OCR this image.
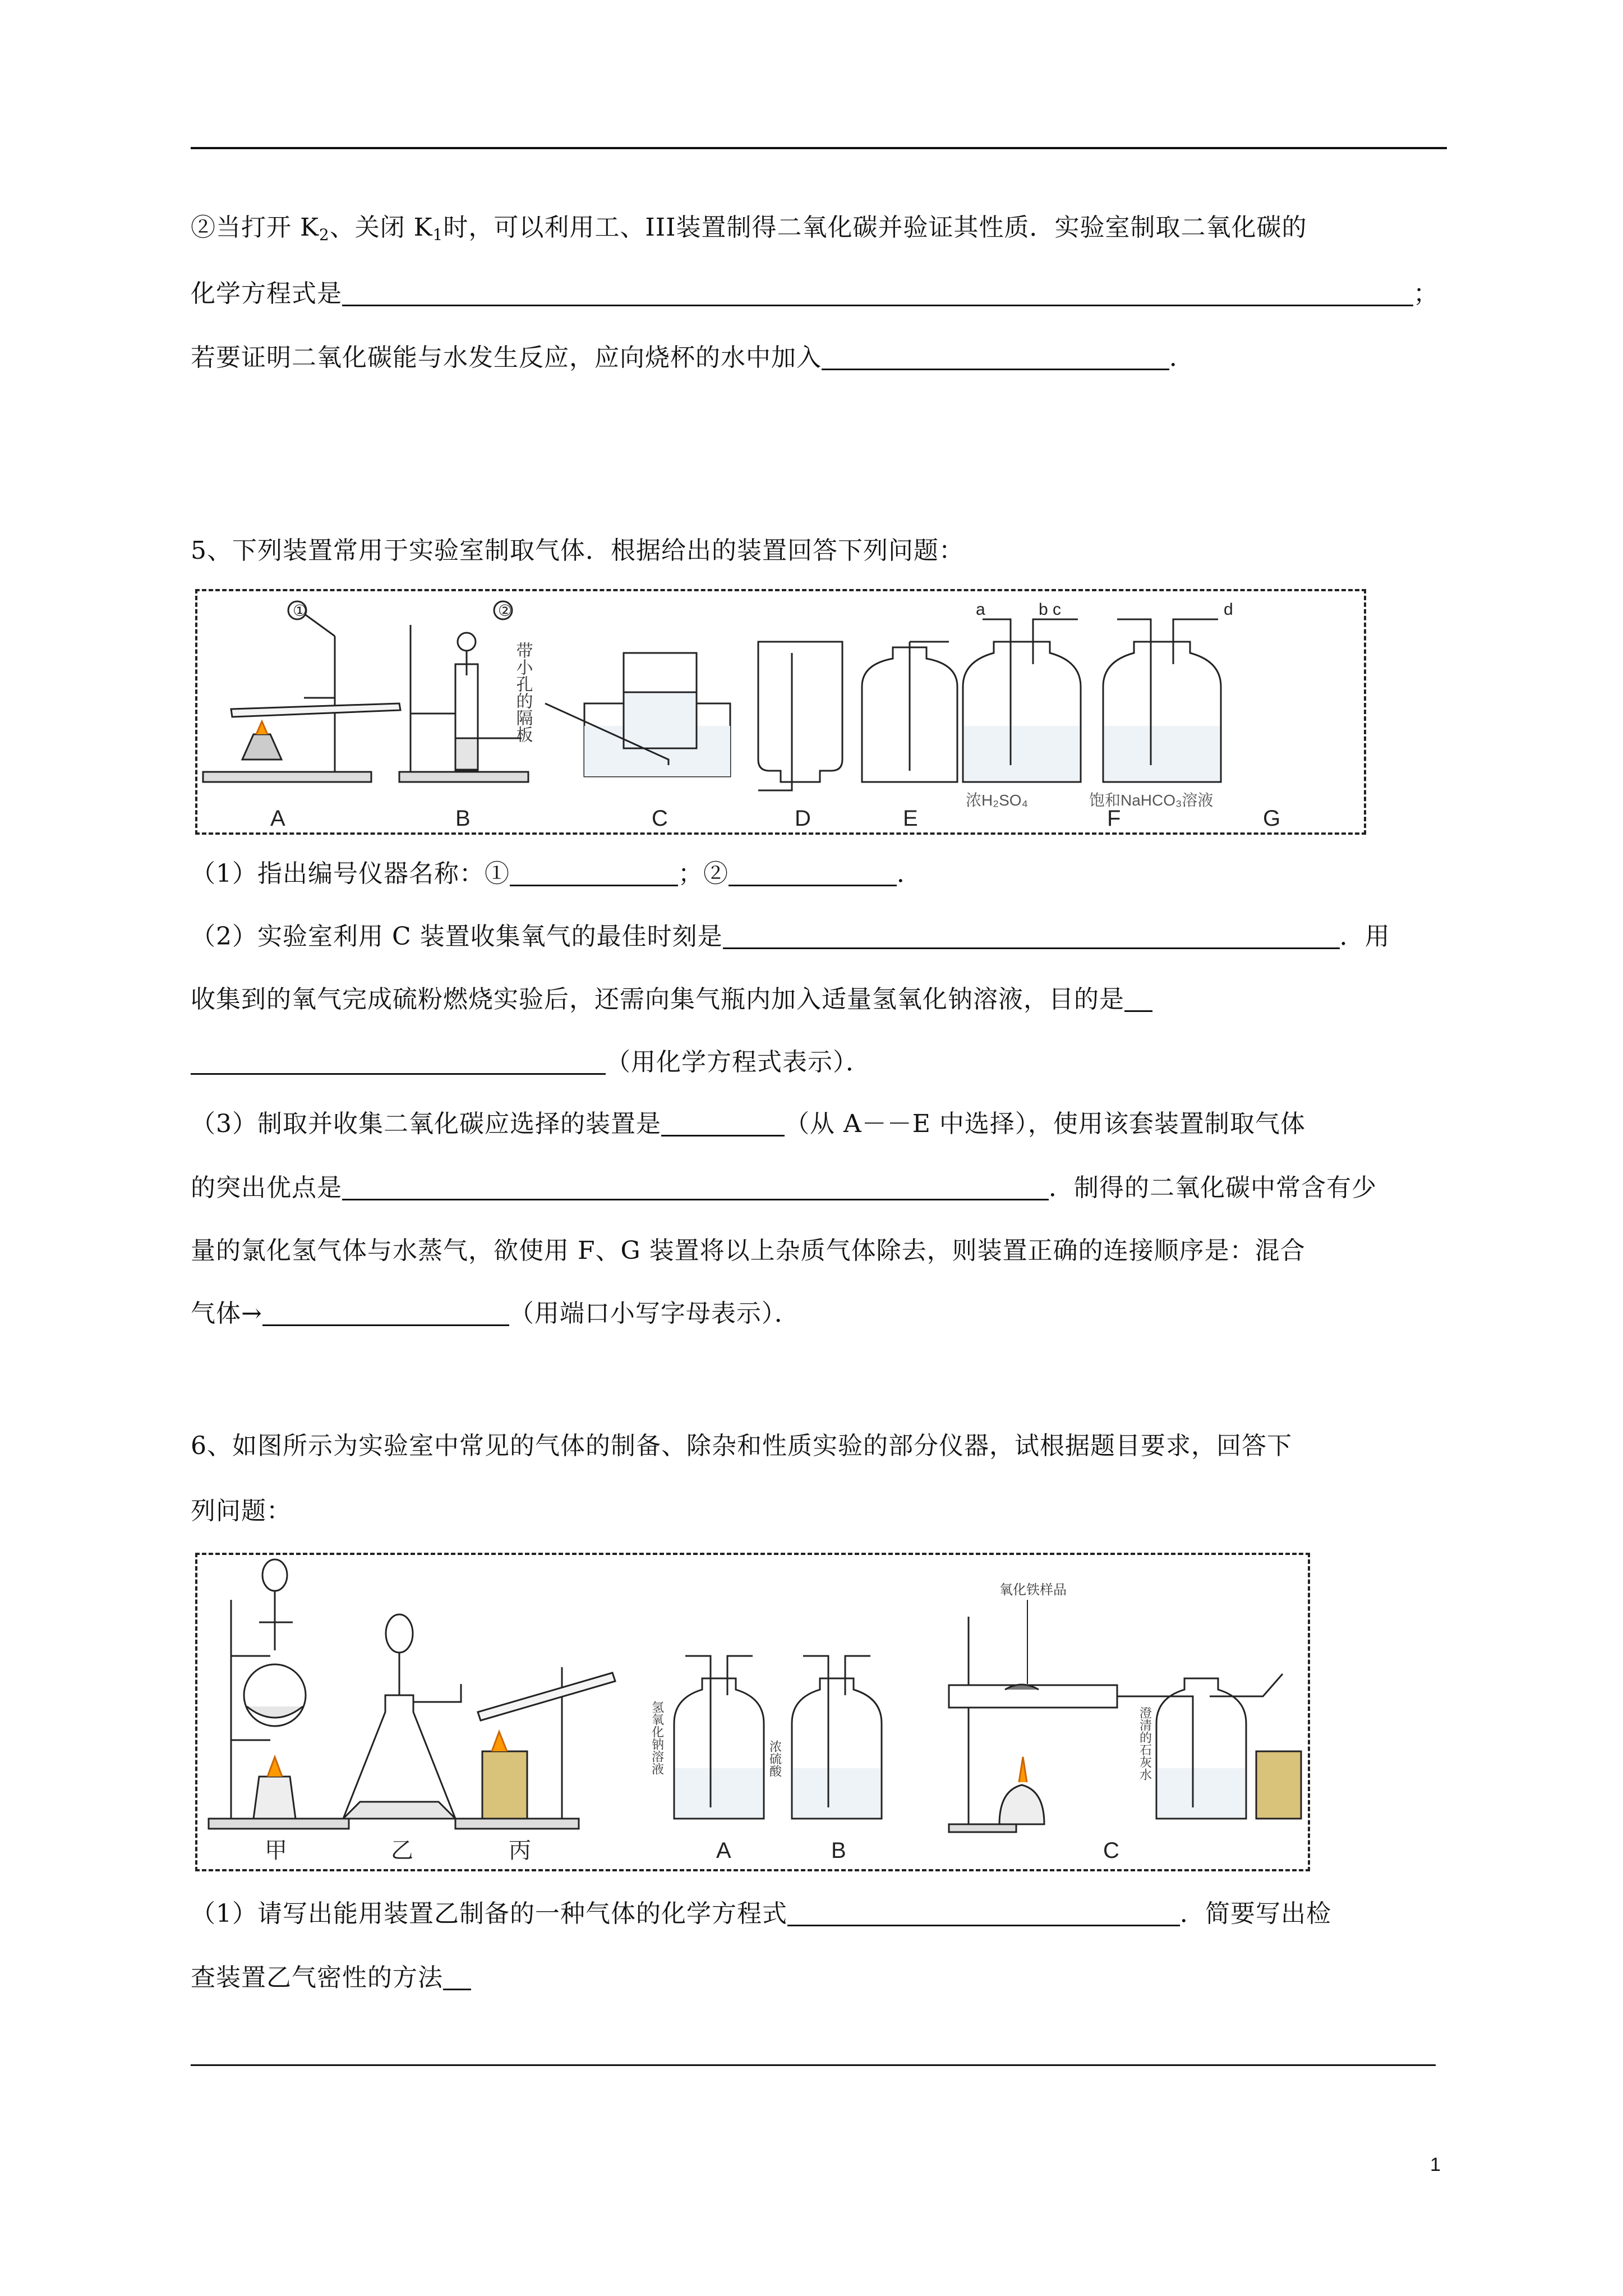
②当打开 $K_2$、关闭 $K_1$时，可以利用工、III装置制得二氧化碳并验证其性质．实验室制取二氧化碳的
化学方程式是	；
若要证明二氧化碳能与水发生反应，应向烧杯的水中加入	．
5、下列装置常用于实验室制取气体．根据给出的装置回答下列问题：
①	②
带小孔的隔板
a	b c
浓H₂SO₄
d
饱和NaHCO₃溶液
A	B	C	D	E	F	G
（1）指出编号仪器名称：①	；②	．
（2）实验室利用 C 装置收集氧气的最佳时刻是	．用
收集到的氧气完成硫粉燃烧实验后，还需向集气瓶内加入适量氢氧化钠溶液，目的是
（用化学方程式表示）．
（3）制取并收集二氧化碳应选择的装置是	（从 A－－E 中选择），使用该套装置制取气体
的突出优点是	．制得的二氧化碳中常含有少
量的氯化氢气体与水蒸气，欲使用 F、G 装置将以上杂质气体除去，则装置正确的连接顺序是：混合
气体→	（用端口小写字母表示）．
6、如图所示为实验室中常见的气体的制备、除杂和性质实验的部分仪器，试根据题目要求，回答下
列问题：
氢氧化钠溶液	浓硫酸
氧化铁样品
澄清的石灰水
甲	乙	丙	A	B	C
（1）请写出能用装置乙制备的一种气体的化学方程式	．简要写出检
查装置乙气密性的方法
1
